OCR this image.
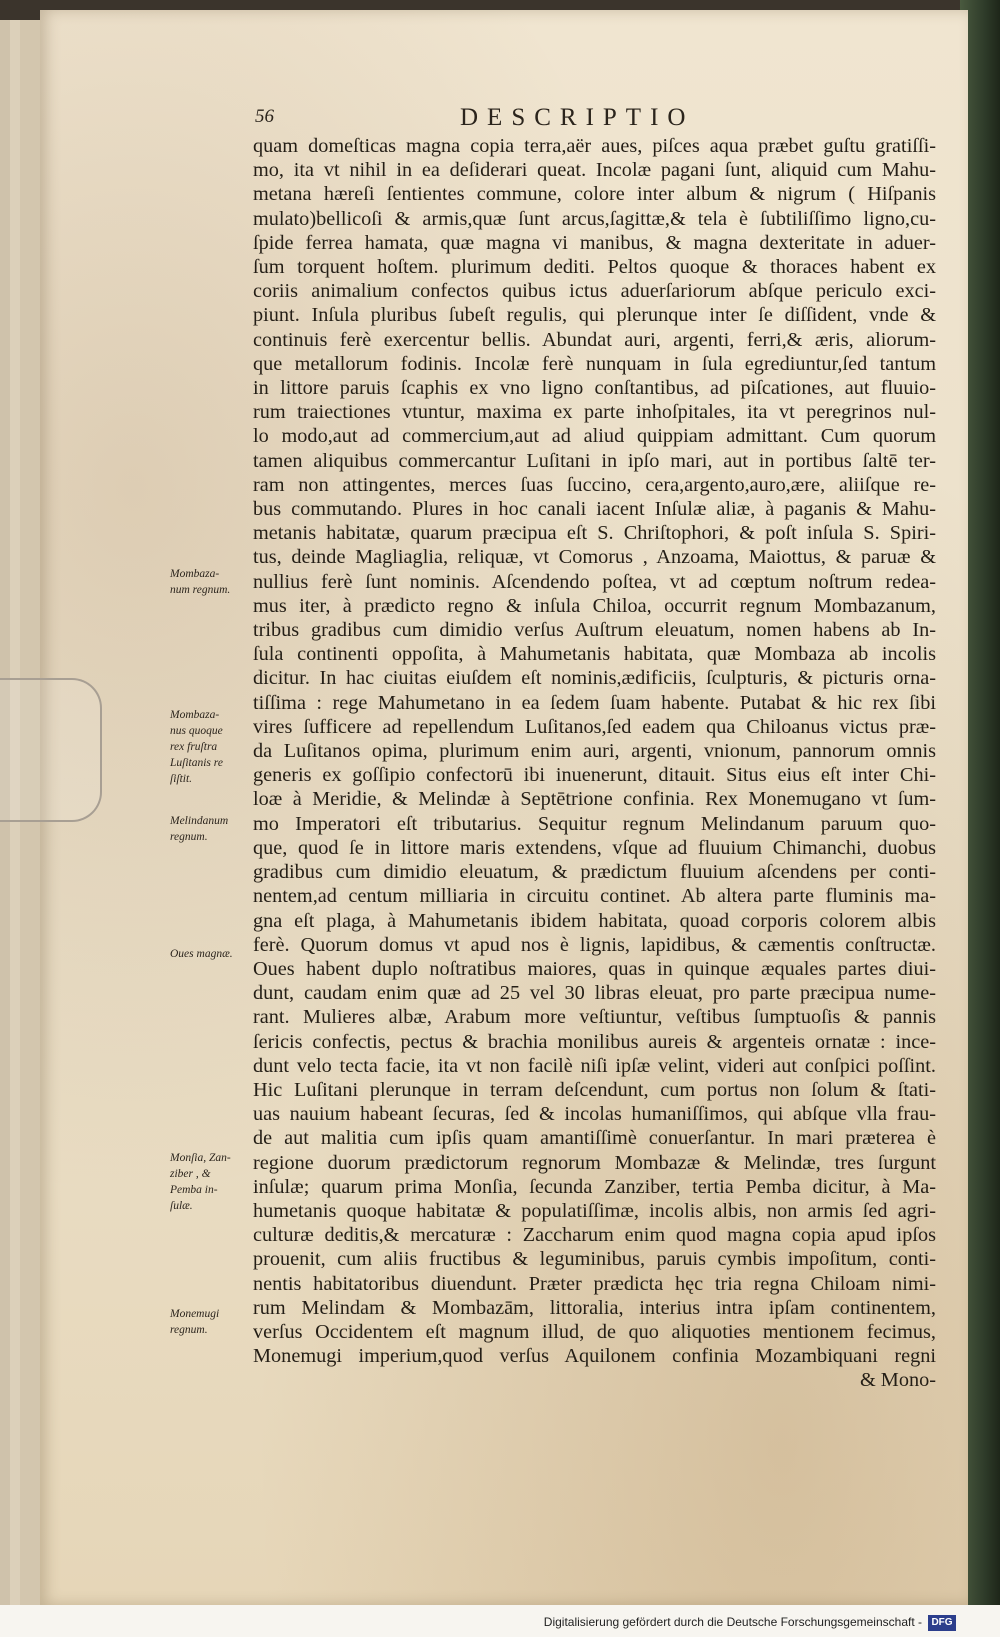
56	DESCRIPTIO
quam domeſticas magna copia terra,aër aues, piſces aqua præbet guſtu gratiſſi-
mo, ita vt nihil in ea deſiderari queat. Incolæ pagani ſunt, aliquid cum Mahu-
metana hæreſi ſentientes commune, colore inter album & nigrum ( Hiſpanis
mulato)bellicoſi & armis,quæ ſunt arcus,ſagittæ,& tela è ſubtiliſſimo ligno,cu-
ſpide ferrea hamata, quæ magna vi manibus, & magna dexteritate in aduer-
ſum torquent hoſtem. plurimum dediti. Peltos quoque & thoraces habent ex
coriis animalium confectos quibus ictus aduerſariorum abſque periculo exci-
piunt. Inſula pluribus ſubeſt regulis, qui plerunque inter ſe diſſident, vnde &
continuis ferè exercentur bellis. Abundat auri, argenti, ferri,& æris, aliorum-
que metallorum fodinis. Incolæ ferè nunquam in ſula egrediuntur,ſed tantum
in littore paruis ſcaphis ex vno ligno conſtantibus, ad piſcationes, aut fluuio-
rum traiectiones vtuntur, maxima ex parte inhoſpitales, ita vt peregrinos nul-
lo modo,aut ad commercium,aut ad aliud quippiam admittant. Cum quorum
tamen aliquibus commercantur Luſitani in ipſo mari, aut in portibus ſaltē ter-
ram non attingentes, merces ſuas ſuccino, cera,argento,auro,ære, aliiſque re-
bus commutando. Plures in hoc canali iacent Inſulæ aliæ, à paganis & Mahu-
metanis habitatæ, quarum præcipua eſt S. Chriſtophori, & poſt inſula S. Spiri-
tus, deinde Magliaglia, reliquæ, vt Comorus , Anzoama, Maiottus, & paruæ &
nullius ferè ſunt nominis. Aſcendendo poſtea, vt ad cœptum noſtrum redea-
mus iter, à prædicto regno & inſula Chiloa, occurrit regnum Mombazanum,
tribus gradibus cum dimidio verſus Auſtrum eleuatum, nomen habens ab In-
ſula continenti oppoſita, à Mahumetanis habitata, quæ Mombaza ab incolis
dicitur. In hac ciuitas eiuſdem eſt nominis,ædificiis, ſculpturis, & picturis orna-
tiſſima : rege Mahumetano in ea ſedem ſuam habente. Putabat & hic rex ſibi
vires ſufficere ad repellendum Luſitanos,ſed eadem qua Chiloanus victus præ-
da Luſitanos opima, plurimum enim auri, argenti, vnionum, pannorum omnis
generis ex goſſipio confectorū ibi inuenerunt, ditauit. Situs eius eſt inter Chi-
loæ à Meridie, & Melindæ à Septētrione confinia. Rex Monemugano vt ſum-
mo Imperatori eſt tributarius. Sequitur regnum Melindanum paruum quo-
que, quod ſe in littore maris extendens, vſque ad fluuium Chimanchi, duobus
gradibus cum dimidio eleuatum, & prædictum fluuium aſcendens per conti-
nentem,ad centum milliaria in circuitu continet. Ab altera parte fluminis ma-
gna eſt plaga, à Mahumetanis ibidem habitata, quoad corporis colorem albis
ferè. Quorum domus vt apud nos è lignis, lapidibus, & cæmentis conſtructæ.
Oues habent duplo noſtratibus maiores, quas in quinque æquales partes diui-
dunt, caudam enim quæ ad 25 vel 30 libras eleuat, pro parte præcipua nume-
rant. Mulieres albæ, Arabum more veſtiuntur, veſtibus ſumptuoſis & pannis
ſericis confectis, pectus & brachia monilibus aureis & argenteis ornatæ : ince-
dunt velo tecta facie, ita vt non facilè niſi ipſæ velint, videri aut conſpici poſſint.
Hic Luſitani plerunque in terram deſcendunt, cum portus non ſolum & ſtati-
uas nauium habeant ſecuras, ſed & incolas humaniſſimos, qui abſque vlla frau-
de aut malitia cum ipſis quam amantiſſimè conuerſantur. In mari præterea è
regione duorum prædictorum regnorum Mombazæ & Melindæ, tres ſurgunt
inſulæ; quarum prima Monſia, ſecunda Zanziber, tertia Pemba dicitur, à Ma-
humetanis quoque habitatæ & populatiſſimæ, incolis albis, non armis ſed agri-
culturæ deditis,& mercaturæ : Zaccharum enim quod magna copia apud ipſos
prouenit, cum aliis fructibus & leguminibus, paruis cymbis impoſitum, conti-
nentis habitatoribus diuendunt. Præter prædicta hęc tria regna Chiloam nimi-
rum Melindam & Mombazām, littoralia, interius intra ipſam continentem,
verſus Occidentem eſt magnum illud, de quo aliquoties mentionem fecimus,
Monemugi imperium,quod verſus Aquilonem confinia Mozambiquani regni
& Mono-
Mombaza-
num regnum.
Mombaza-
nus quoque
rex fruſtra
Luſitanis re
ſiſtit.
Melindanum
regnum.
Oues magnæ.
Monſia, Zan-
ziber , &
Pemba in-
ſulæ.
Monemugi
regnum.
Digitalisierung gefördert durch die Deutsche Forschungsgemeinschaft - DFG
